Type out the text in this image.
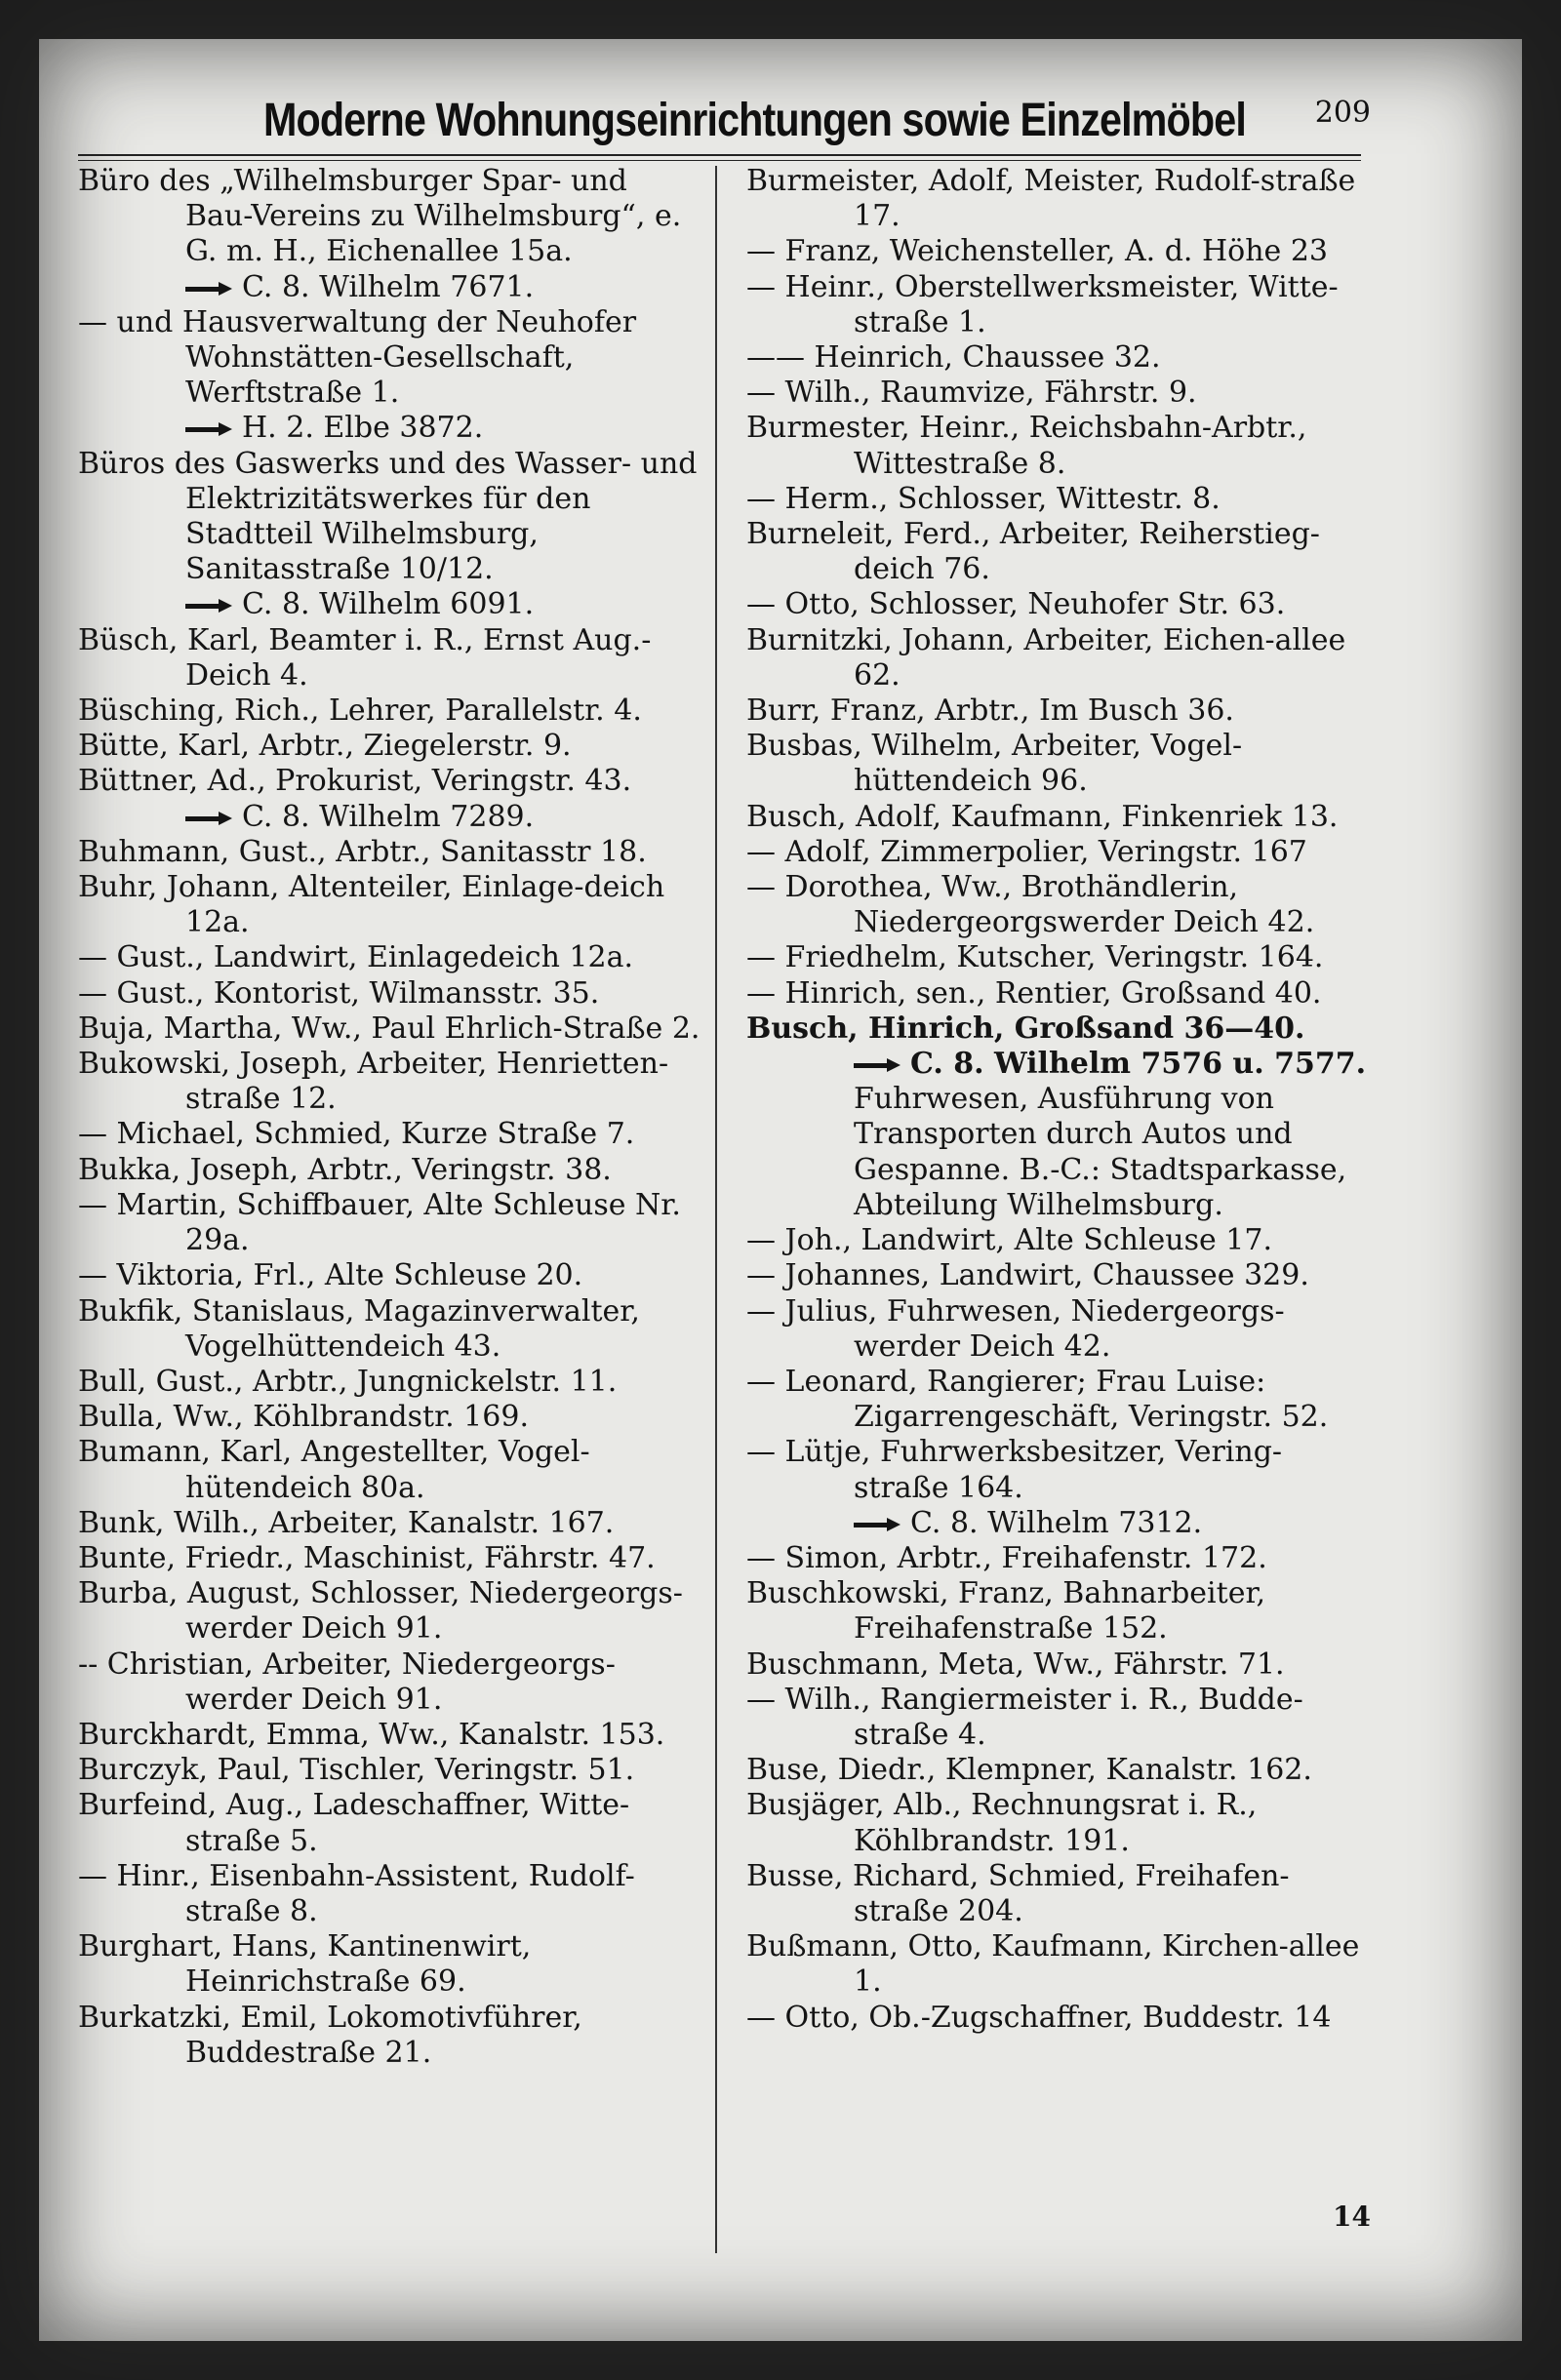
Moderne Wohnungseinrichtungen sowie Einzelmöbel 209
Büro des „Wilhelmsburger Spar- und Bau-Vereins zu Wilhelmsburg“, e. G. m. H., Eichenallee 15a.
C. 8. Wilhelm 7671.
— und Hausverwaltung der Neuhofer Wohnstätten-Gesellschaft, Werftstraße 1.
H. 2. Elbe 3872.
Büros des Gaswerks und des Wasser- und Elektrizitätswerkes für den Stadtteil Wilhelmsburg, Sanitasstraße 10/12.
C. 8. Wilhelm 6091.
Büsch, Karl, Beamter i. R., Ernst Aug.-Deich 4.
Büsching, Rich., Lehrer, Parallelstr. 4.
Bütte, Karl, Arbtr., Ziegelerstr. 9.
Büttner, Ad., Prokurist, Veringstr. 43.
C. 8. Wilhelm 7289.
Buhmann, Gust., Arbtr., Sanitasstr 18.
Buhr, Johann, Altenteiler, Einlage-deich 12a.
— Gust., Landwirt, Einlagedeich 12a.
— Gust., Kontorist, Wilmansstr. 35.
Buja, Martha, Ww., Paul Ehrlich-Straße 2.
Bukowski, Joseph, Arbeiter, Henrietten-straße 12.
— Michael, Schmied, Kurze Straße 7.
Bukka, Joseph, Arbtr., Veringstr. 38.
— Martin, Schiffbauer, Alte Schleuse Nr. 29a.
— Viktoria, Frl., Alte Schleuse 20.
Bukfik, Stanislaus, Magazinverwalter, Vogelhüttendeich 43.
Bull, Gust., Arbtr., Jungnickelstr. 11.
Bulla, Ww., Köhlbrandstr. 169.
Bumann, Karl, Angestellter, Vogel-hütendeich 80a.
Bunk, Wilh., Arbeiter, Kanalstr. 167.
Bunte, Friedr., Maschinist, Fährstr. 47.
Burba, August, Schlosser, Niedergeorgs-werder Deich 91.
-- Christian, Arbeiter, Niedergeorgs-werder Deich 91.
Burckhardt, Emma, Ww., Kanalstr. 153.
Burczyk, Paul, Tischler, Veringstr. 51.
Burfeind, Aug., Ladeschaffner, Witte-straße 5.
— Hinr., Eisenbahn-Assistent, Rudolf-straße 8.
Burghart, Hans, Kantinenwirt, Heinrichstraße 69.
Burkatzki, Emil, Lokomotivführer, Buddestraße 21.
Burmeister, Adolf, Meister, Rudolf-straße 17.
— Franz, Weichensteller, A. d. Höhe 23
— Heinr., Oberstellwerksmeister, Witte-straße 1.
—— Heinrich, Chaussee 32.
— Wilh., Raumvize, Fährstr. 9.
Burmester, Heinr., Reichsbahn-Arbtr., Wittestraße 8.
— Herm., Schlosser, Wittestr. 8.
Burneleit, Ferd., Arbeiter, Reiherstieg-deich 76.
— Otto, Schlosser, Neuhofer Str. 63.
Burnitzki, Johann, Arbeiter, Eichen-allee 62.
Burr, Franz, Arbtr., Im Busch 36.
Busbas, Wilhelm, Arbeiter, Vogel-hüttendeich 96.
Busch, Adolf, Kaufmann, Finkenriek 13.
— Adolf, Zimmerpolier, Veringstr. 167
— Dorothea, Ww., Brothändlerin, Niedergeorgswerder Deich 42.
— Friedhelm, Kutscher, Veringstr. 164.
— Hinrich, sen., Rentier, Großsand 40.
Busch, Hinrich, Großsand 36—40.
C. 8. Wilhelm 7576 u. 7577.
Fuhrwesen, Ausführung von Transporten durch Autos und Gespanne. B.-C.: Stadtsparkasse, Abteilung Wilhelmsburg.
— Joh., Landwirt, Alte Schleuse 17.
— Johannes, Landwirt, Chaussee 329.
— Julius, Fuhrwesen, Niedergeorgs-werder Deich 42.
— Leonard, Rangierer; Frau Luise: Zigarrengeschäft, Veringstr. 52.
— Lütje, Fuhrwerksbesitzer, Vering-straße 164.
C. 8. Wilhelm 7312.
— Simon, Arbtr., Freihafenstr. 172.
Buschkowski, Franz, Bahnarbeiter, Freihafenstraße 152.
Buschmann, Meta, Ww., Fährstr. 71.
— Wilh., Rangiermeister i. R., Budde-straße 4.
Buse, Diedr., Klempner, Kanalstr. 162.
Busjäger, Alb., Rechnungsrat i. R., Köhlbrandstr. 191.
Busse, Richard, Schmied, Freihafen-straße 204.
Bußmann, Otto, Kaufmann, Kirchen-allee 1.
— Otto, Ob.-Zugschaffner, Buddestr. 14
14
